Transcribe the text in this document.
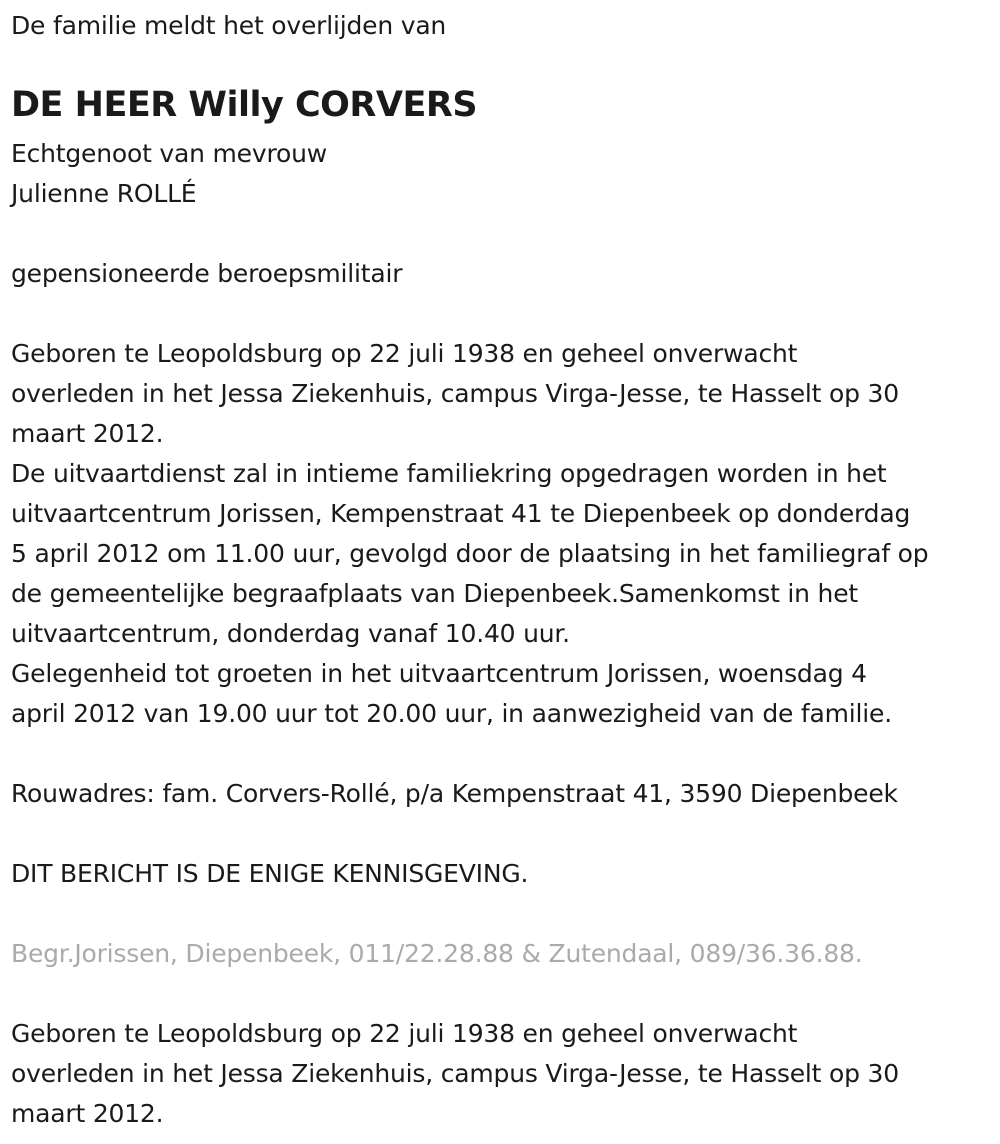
De familie meldt het overlijden van
DE HEER Willy CORVERS
Echtgenoot van mevrouw
Julienne ROLLÉ
gepensioneerde beroepsmilitair
Geboren te Leopoldsburg op 22 juli 1938 en geheel onverwacht
overleden in het Jessa Ziekenhuis, campus Virga-Jesse, te Hasselt op 30
maart 2012.
De uitvaartdienst zal in intieme familiekring opgedragen worden in het
uitvaartcentrum Jorissen, Kempenstraat 41 te Diepenbeek op donderdag
5 april 2012 om 11.00 uur, gevolgd door de plaatsing in het familiegraf op
de gemeentelijke begraafplaats van Diepenbeek.Samenkomst in het
uitvaartcentrum, donderdag vanaf 10.40 uur.
Gelegenheid tot groeten in het uitvaartcentrum Jorissen, woensdag 4
april 2012 van 19.00 uur tot 20.00 uur, in aanwezigheid van de familie.
Rouwadres: fam. Corvers-Rollé, p/a Kempenstraat 41, 3590 Diepenbeek
DIT BERICHT IS DE ENIGE KENNISGEVING.
Begr.Jorissen, Diepenbeek, 011/22.28.88 & Zutendaal, 089/36.36.88.
Geboren te Leopoldsburg op 22 juli 1938 en geheel onverwacht
overleden in het Jessa Ziekenhuis, campus Virga-Jesse, te Hasselt op 30
maart 2012.
